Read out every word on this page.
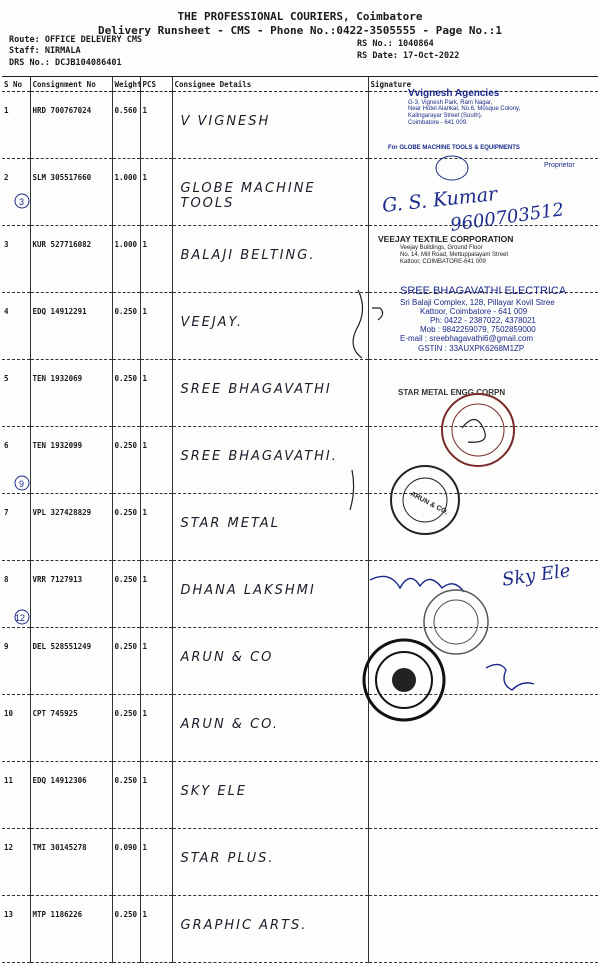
THE PROFESSIONAL COURIERS, Coimbatore
Delivery Runsheet - CMS - Phone No.:0422-3505555 - Page No.:1
Route: OFFICE DELEVERY CMS
Staff: NIRMALA
DRS No.: DCJB104086401
RS No.: 1040864
RS Date: 17-Oct-2022
S No	Consignment No	Weight	PCS	Consignee Details	Signature
1	HRD 700767024	0.560	1	V VIGNESH	
2	SLM 305517660	1.000	1	GLOBE MACHINE TOOLS	
3	KUR 527716082	1.000	1	BALAJI BELTING.	
4	EDQ 14912291	0.250	1	VEEJAY.	
5	TEN 1932069	0.250	1	SREE BHAGAVATHI	
6	TEN 1932099	0.250	1	SREE BHAGAVATHI.	
7	VPL 327428829	0.250	1	STAR METAL	
8	VRR 7127913	0.250	1	DHANA LAKSHMI	
9	DEL 528551249	0.250	1	ARUN & CO	
10	CPT 745925	0.250	1	ARUN & CO.	
11	EDQ 14912306	0.250	1	SKY ELE	
12	TMI 30145278	0.090	1	STAR PLUS.	
13	MTP 1186226	0.250	1	GRAPHIC ARTS.	
Vvignesh Agencies
G-3, Vignesh Park, Ram Nagar,
Near Hotel Alankar, No.6, Mosque Colony,
Kalingarayar Street (South),
Coimbatore - 641 009.
For GLOBE MACHINE TOOLS & EQUIPMENTS
Proprietor
G. S. Kumar
9600703512
VEEJAY TEXTILE CORPORATION
Veejay Buildings, Ground Floor
No. 14, Mill Road, Mettuppalayam Street
Kattoor, COIMBATORE-641 009
SREE BHAGAVATHI ELECTRICA
Sri Balaji Complex, 128, Pillayar Kovil Stree
Kattoor, Coimbatore - 641 009
Ph: 0422 - 2387022, 4378021
Mob : 9842259079, 7502859000
E-mail : sreebhagavathi6@gmail.com
GSTIN : 33AUXPK6268M1ZP
STAR METAL ENGG CORPN
ARUN & CO.
Sky Ele
3
9
12
